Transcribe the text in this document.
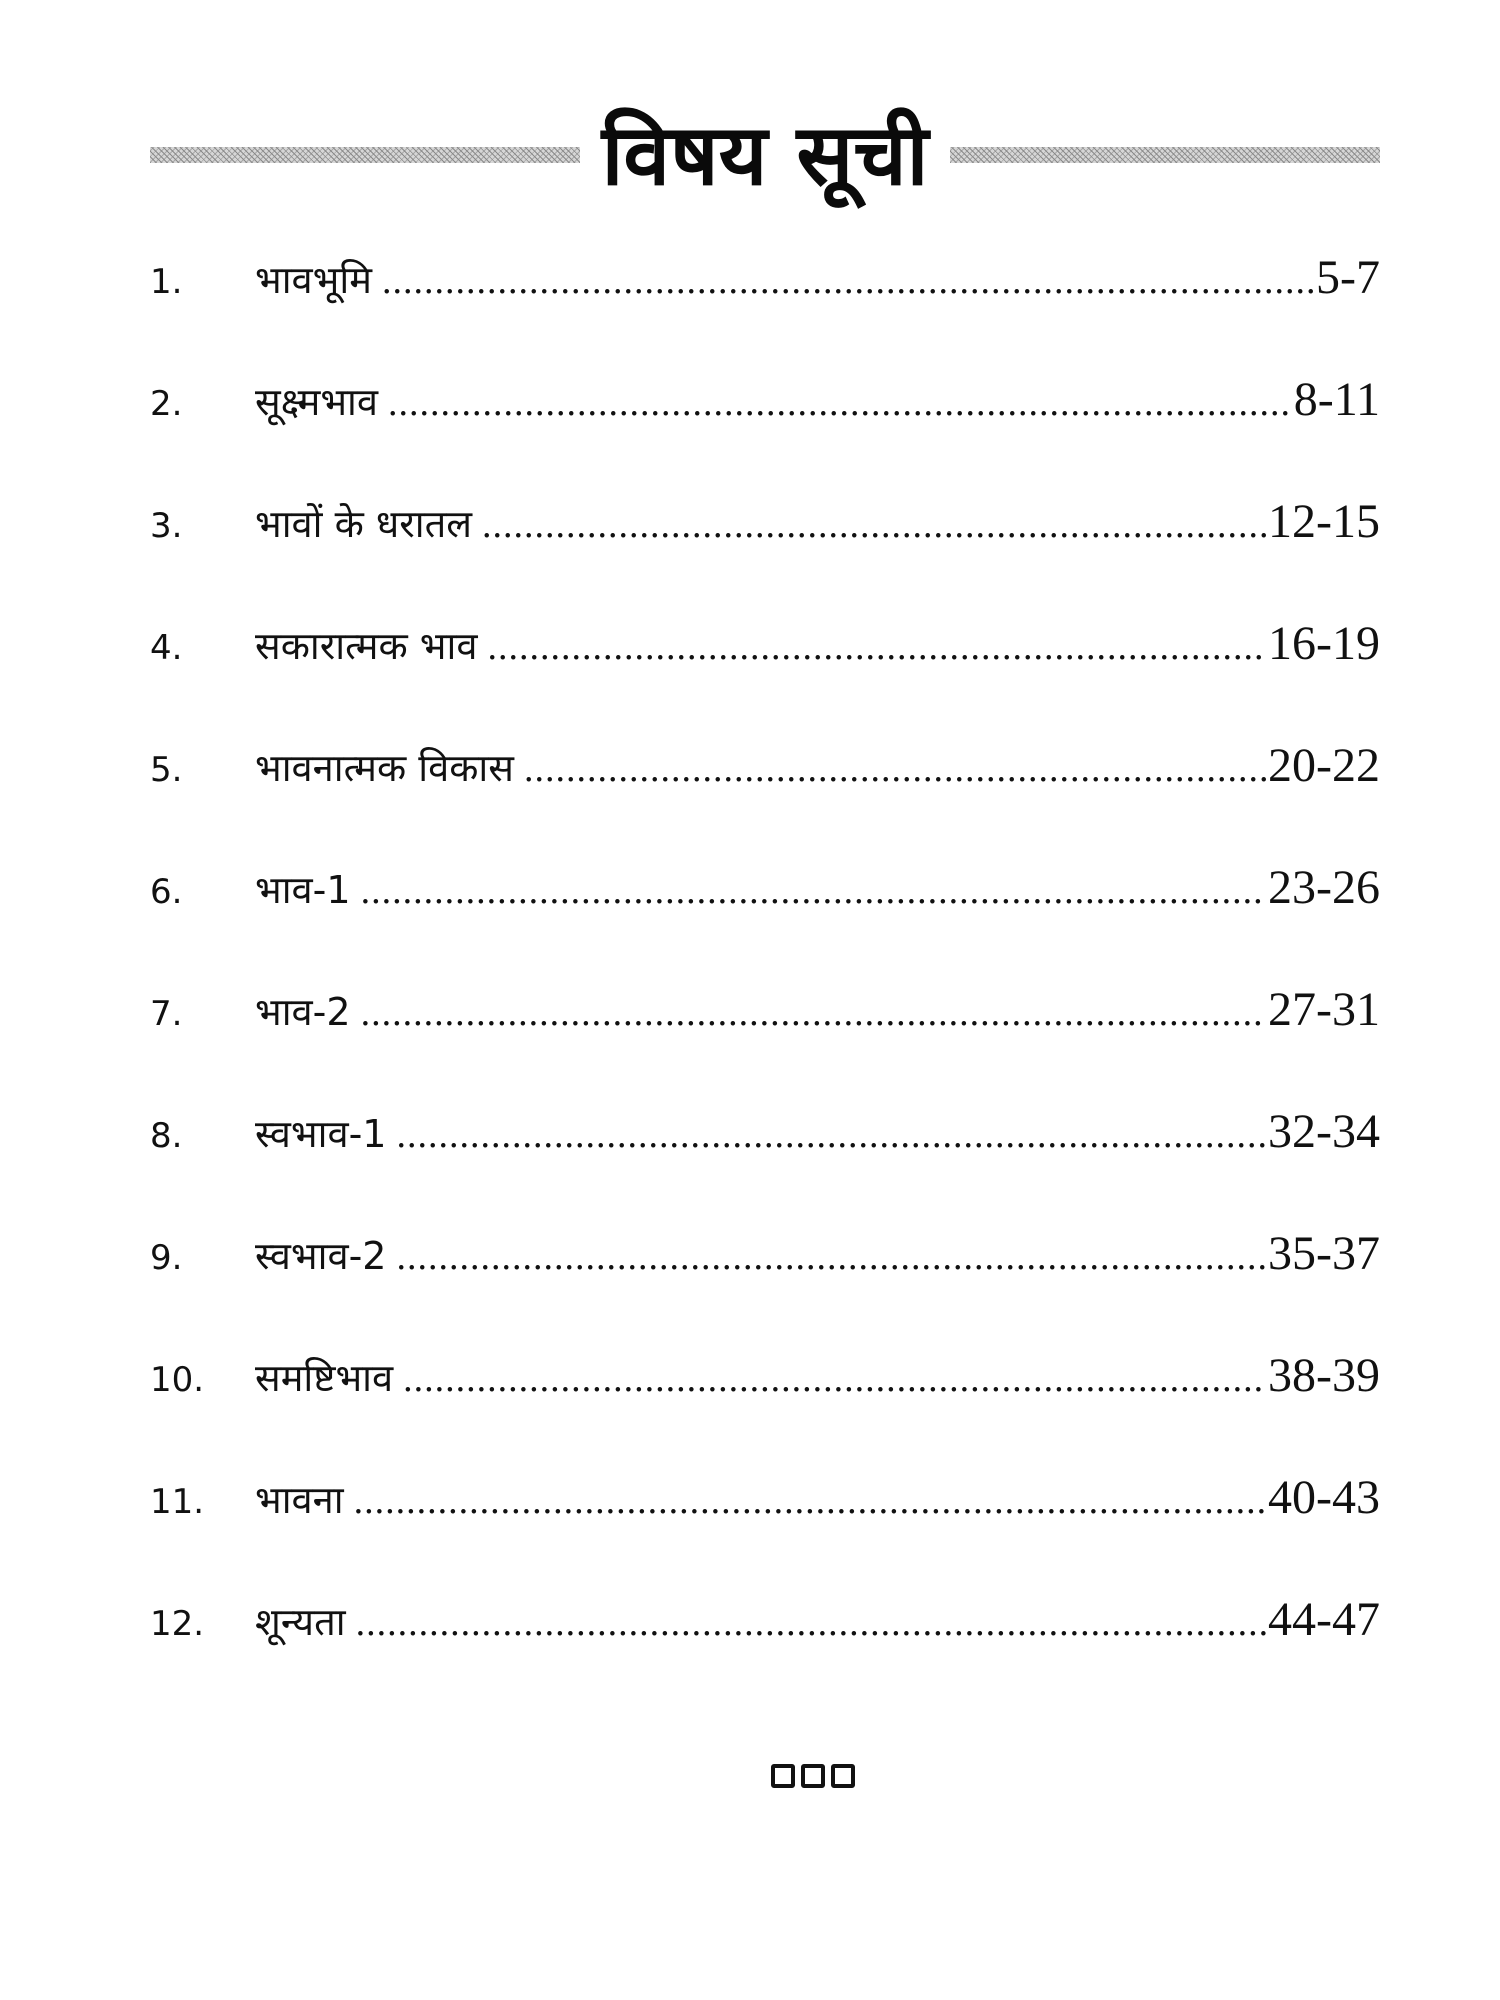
विषय सूची
1.	भावभूमि .....	5-7
2.	सूक्ष्मभाव .....	8-11
3.	भावों के धरातल .....	12-15
4.	सकारात्मक भाव .....	16-19
5.	भावनात्मक विकास .....	20-22
6.	भाव-1 .....	23-26
7.	भाव-2 .....	27-31
8.	स्वभाव-1 .....	32-34
9.	स्वभाव-2 .....	35-37
10.	समष्टिभाव .....	38-39
11.	भावना .....	40-43
12.	शून्यता .....	44-47
